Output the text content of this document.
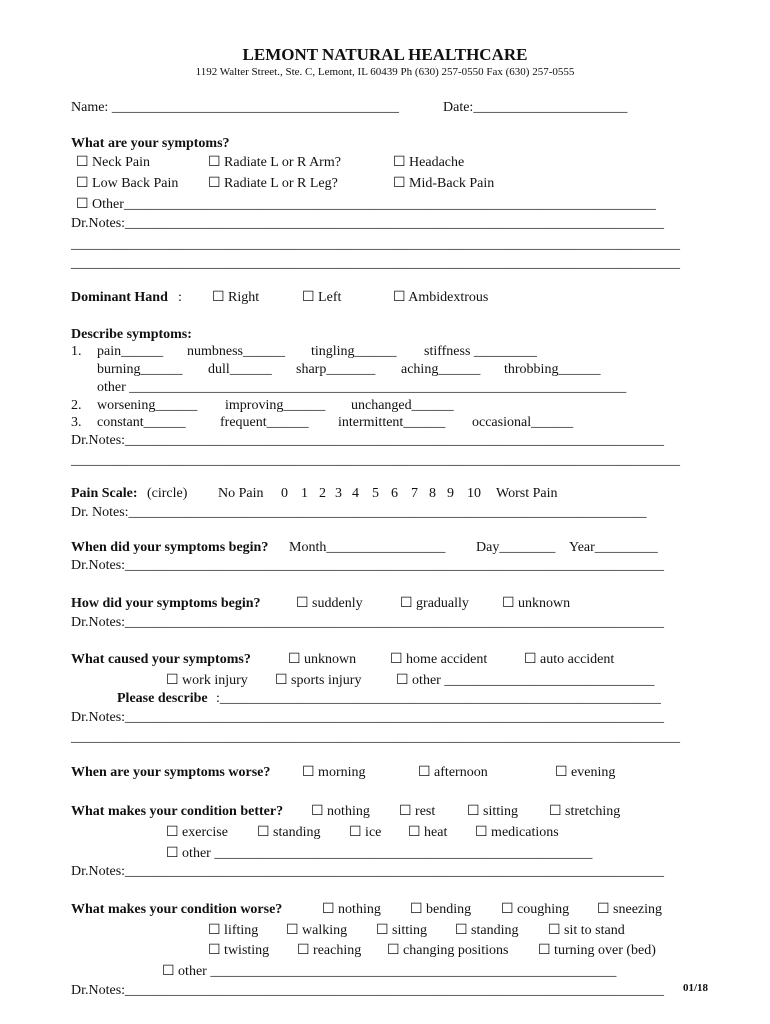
LEMONT NATURAL HEALTHCARE
1192 Walter Street., Ste. C, Lemont, IL 60439 Ph (630) 257-0550 Fax (630) 257-0555
Name: _________________________________________	Date:______________________
What are your symptoms?
☐ Neck Pain	☐ Radiate L or R Arm?	☐ Headache
☐ Low Back Pain ☐ Radiate L or R Leg?	☐ Mid-Back Pain
☐ Other____________________________________________________________________________
Dr.Notes:_____________________________________________________________________________
_______________________________________________________________________________________
_______________________________________________________________________________________
Dominant Hand : ☐ Right	☐ Left	☐ Ambidextrous
Describe symptoms:
1. pain______ numbness______ tingling______ stiffness _________
burning______ dull______ sharp_______ aching______ throbbing______
other _______________________________________________________________________
2. worsening______ improving______ unchanged______
3. constant______ frequent______ intermittent______ occasional______
Dr.Notes:_____________________________________________________________________________
_______________________________________________________________________________________
Pain Scale: (circle) No Pain 0 1 2 3 4 5 6 7 8 9 10 Worst Pain
Dr. Notes:__________________________________________________________________________
When did your symptoms begin? Month_________________ Day________ Year_________
Dr.Notes:_____________________________________________________________________________
How did your symptoms begin?	☐ suddenly	☐ gradually ☐ unknown
Dr.Notes:_____________________________________________________________________________
What caused your symptoms?	☐ unknown ☐ home accident	☐ auto accident
☐ work injury ☐ sports injury ☐ other ______________________________
Please describe :_______________________________________________________________
Dr.Notes:_____________________________________________________________________________
_______________________________________________________________________________________
When are your symptoms worse? ☐ morning	☐ afternoon	☐ evening
What makes your condition better? ☐ nothing ☐ rest ☐ sitting ☐ stretching
☐ exercise ☐ standing ☐ ice ☐ heat ☐ medications
☐ other ______________________________________________________
Dr.Notes:_____________________________________________________________________________
What makes your condition worse?	☐ nothing ☐ bending ☐ coughing ☐ sneezing
☐ lifting ☐ walking ☐ sitting ☐ standing ☐ sit to stand
☐ twisting ☐ reaching ☐ changing positions ☐ turning over (bed)
☐ other __________________________________________________________
Dr.Notes:_____________________________________________________________________________ 01/18
